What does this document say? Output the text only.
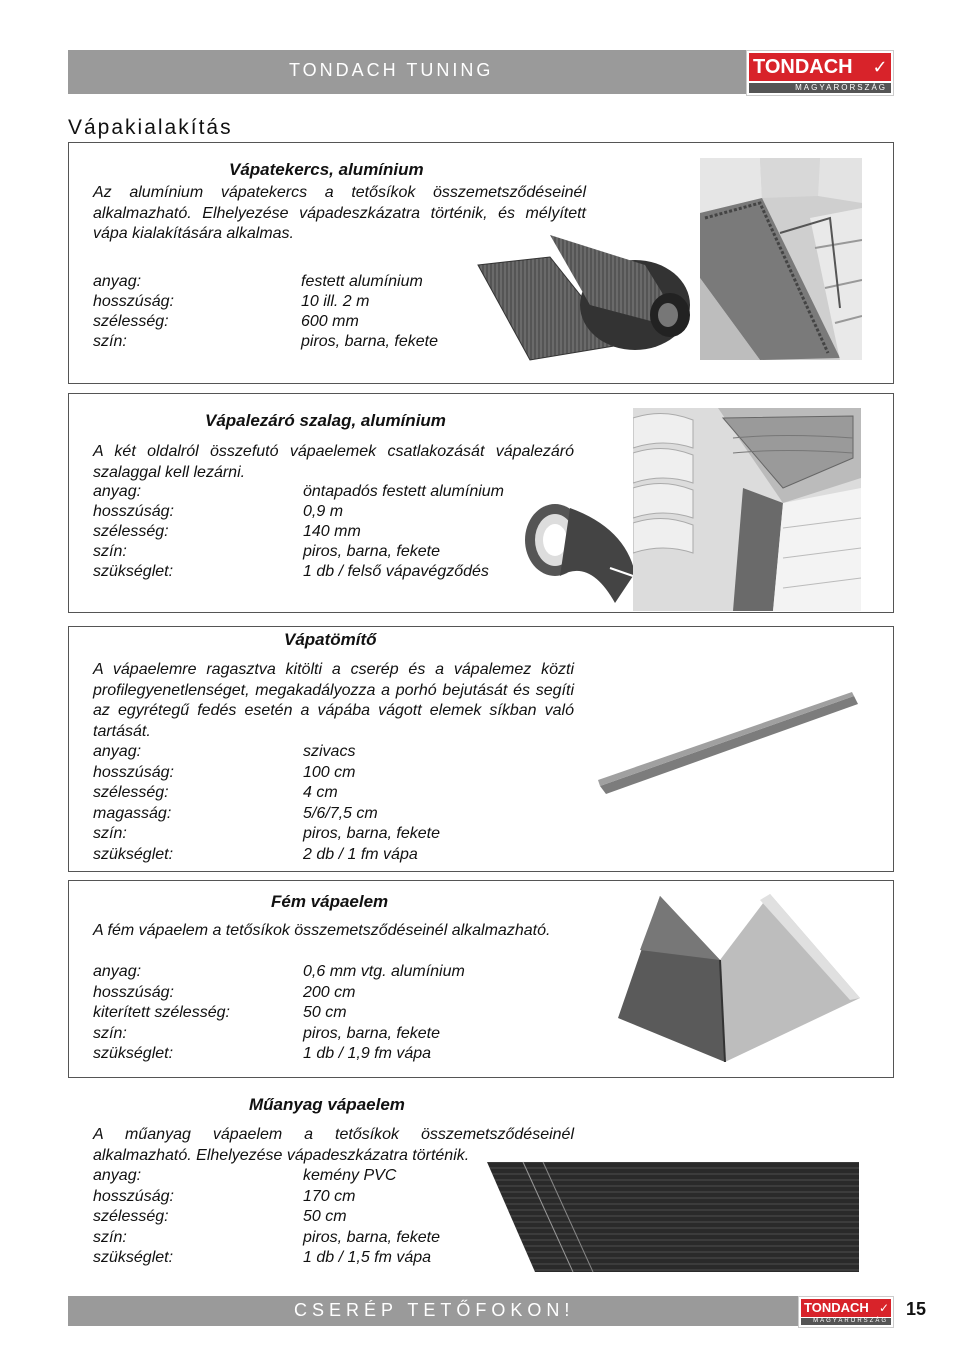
TONDACH TUNING	TONDACH	✓
MAGYARORSZÁG
Vápakialakítás
Vápatekercs, alumínium
Az alumínium vápatekercs a tetősíkok összemetsződéseinél alkalmazható. Elhelyezése vápadeszkázatra történik, és mélyített vápa kialakítására alkalmas.
anyag:	festett alumínium
hosszúság:	10 ill. 2 m
szélesség:	600 mm
szín:	piros, barna, fekete
Vápalezáró szalag, alumínium
A két oldalról összefutó vápaelemek csatlakozását vápalezáró szalaggal kell lezárni.
anyag:	öntapadós festett alumínium
hosszúság:	0,9 m
szélesség:	140 mm
szín:	piros, barna, fekete
szükséglet:	1 db / felső vápavégződés
Vápatömítő
A vápaelemre ragasztva kitölti a cserép és a vápalemez közti profilegyenetlenséget, megakadályozza a porhó bejutását és segíti az egyrétegű fedés esetén a vápába vágott elemek síkban való tartását.
anyag:	szivacs
hosszúság:	100 cm
szélesség:	4 cm
magasság:	5/6/7,5 cm
szín:	piros, barna, fekete
szükséglet:	2 db / 1 fm vápa
Fém vápaelem
A fém vápaelem a tetősíkok összemetsződéseinél alkalmazható.
anyag:	0,6 mm vtg. alumínium
hosszúság:	200 cm
kiterített szélesség:	50 cm
szín:	piros, barna, fekete
szükséglet:	1 db / 1,9 fm vápa
Műanyag vápaelem
A műanyag vápaelem a tetősíkok összemetsződéseinél alkalmazható. Elhelyezése vápadeszkázatra történik.
anyag:	kemény PVC
hosszúság:	170 cm
szélesség:	50 cm
szín:	piros, barna, fekete
szükséglet:	1 db / 1,5 fm vápa
CSERÉP TETŐFOKON!	TONDACH ✓
MAGYARORSZÁG
15
